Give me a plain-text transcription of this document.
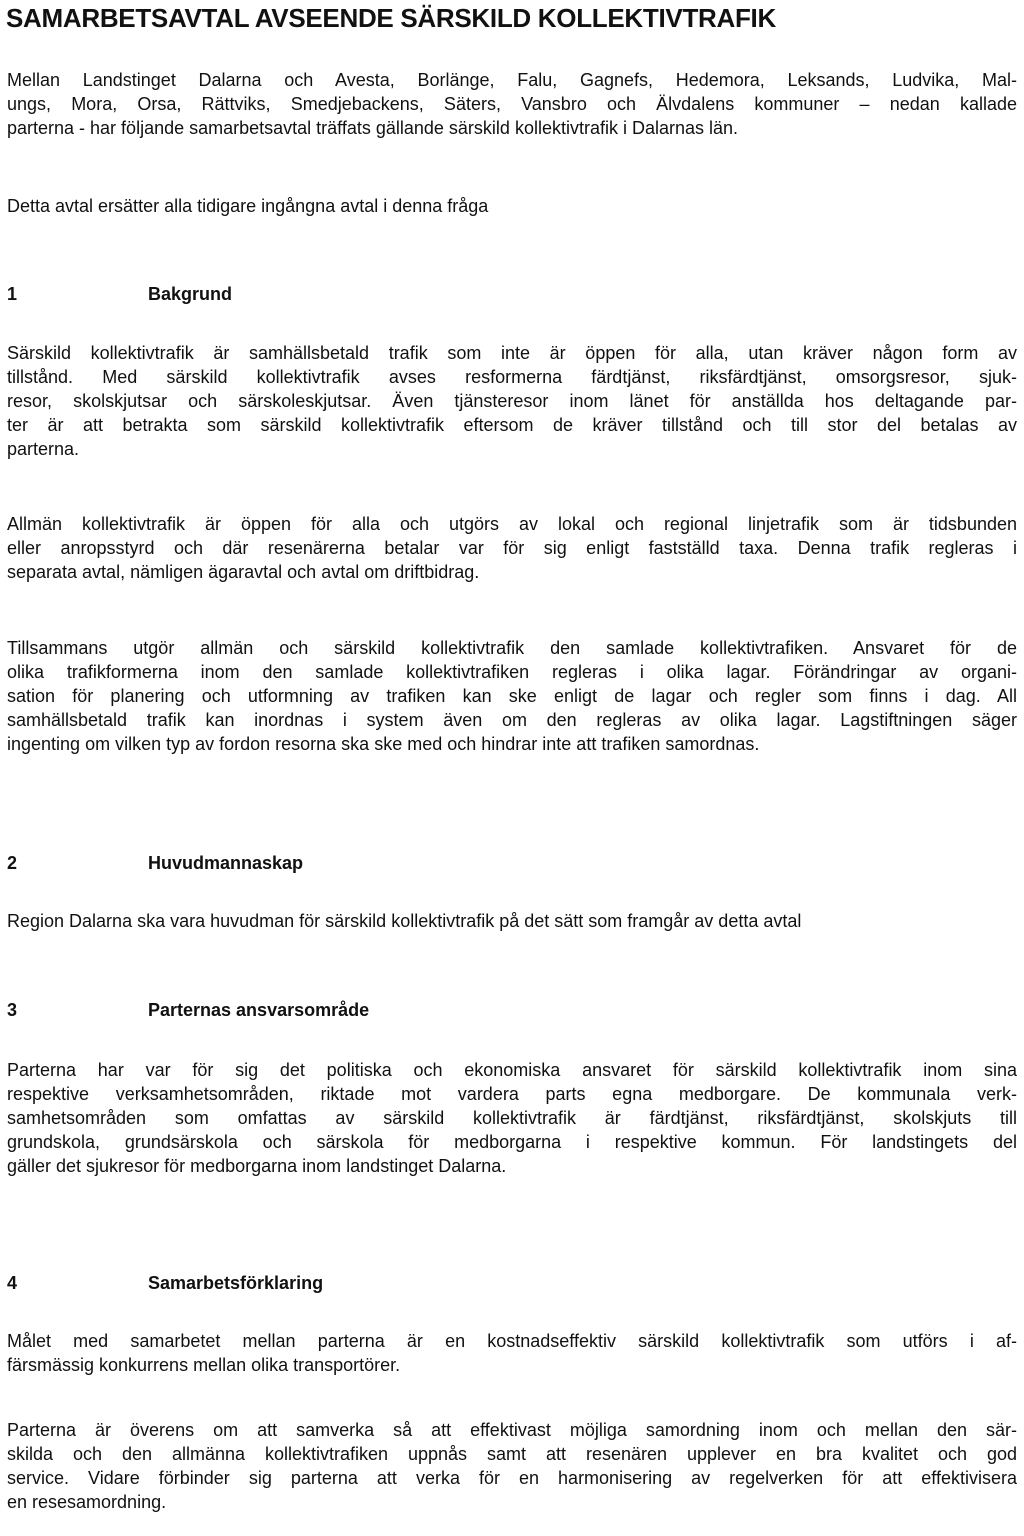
SAMARBETSAVTAL AVSEENDE SÄRSKILD KOLLEKTIVTRAFIK

Mellan Landstinget Dalarna och Avesta, Borlänge, Falu, Gagnefs, Hedemora, Leksands, Ludvika, Mal-
ungs, Mora, Orsa, Rättviks, Smedjebackens, Säters, Vansbro och Älvdalens kommuner – nedan kallade
parterna - har följande samarbetsavtal träffats gällande särskild kollektivtrafik i Dalarnas län.

Detta avtal ersätter alla tidigare ingångna avtal i denna fråga

1	Bakgrund

Särskild kollektivtrafik är samhällsbetald trafik som inte är öppen för alla, utan kräver någon form av
tillstånd. Med särskild kollektivtrafik avses resformerna färdtjänst, riksfärdtjänst, omsorgsresor, sjuk-
resor, skolskjutsar och särskoleskjutsar. Även tjänsteresor inom länet för anställda hos deltagande par-
ter är att betrakta som särskild kollektivtrafik eftersom de kräver tillstånd och till stor del betalas av
parterna.

Allmän kollektivtrafik är öppen för alla och utgörs av lokal och regional linjetrafik som är tidsbunden
eller anropsstyrd och där resenärerna betalar var för sig enligt fastställd taxa. Denna trafik regleras i
separata avtal, nämligen ägaravtal och avtal om driftbidrag.

Tillsammans utgör allmän och särskild kollektivtrafik den samlade kollektivtrafiken. Ansvaret för de
olika trafikformerna inom den samlade kollektivtrafiken regleras i olika lagar. Förändringar av organi-
sation för planering och utformning av trafiken kan ske enligt de lagar och regler som finns i dag. All
samhällsbetald trafik kan inordnas i system även om den regleras av olika lagar. Lagstiftningen säger
ingenting om vilken typ av fordon resorna ska ske med och hindrar inte att trafiken samordnas.

2	Huvudmannaskap

Region Dalarna ska vara huvudman för särskild kollektivtrafik på det sätt som framgår av detta avtal

3	Parternas ansvarsområde

Parterna har var för sig det politiska och ekonomiska ansvaret för särskild kollektivtrafik inom sina
respektive verksamhetsområden, riktade mot vardera parts egna medborgare. De kommunala verk-
samhetsområden som omfattas av särskild kollektivtrafik är färdtjänst, riksfärdtjänst, skolskjuts till
grundskola, grundsärskola och särskola för medborgarna i respektive kommun. För landstingets del
gäller det sjukresor för medborgarna inom landstinget Dalarna.

4	Samarbetsförklaring

Målet med samarbetet mellan parterna är en kostnadseffektiv särskild kollektivtrafik som utförs i af-
färsmässig konkurrens mellan olika transportörer.

Parterna är överens om att samverka så att effektivast möjliga samordning inom och mellan den sär-
skilda och den allmänna kollektivtrafiken uppnås samt att resenären upplever en bra kvalitet och god
service. Vidare förbinder sig parterna att verka för en harmonisering av regelverken för att effektivisera
en resesamordning.
